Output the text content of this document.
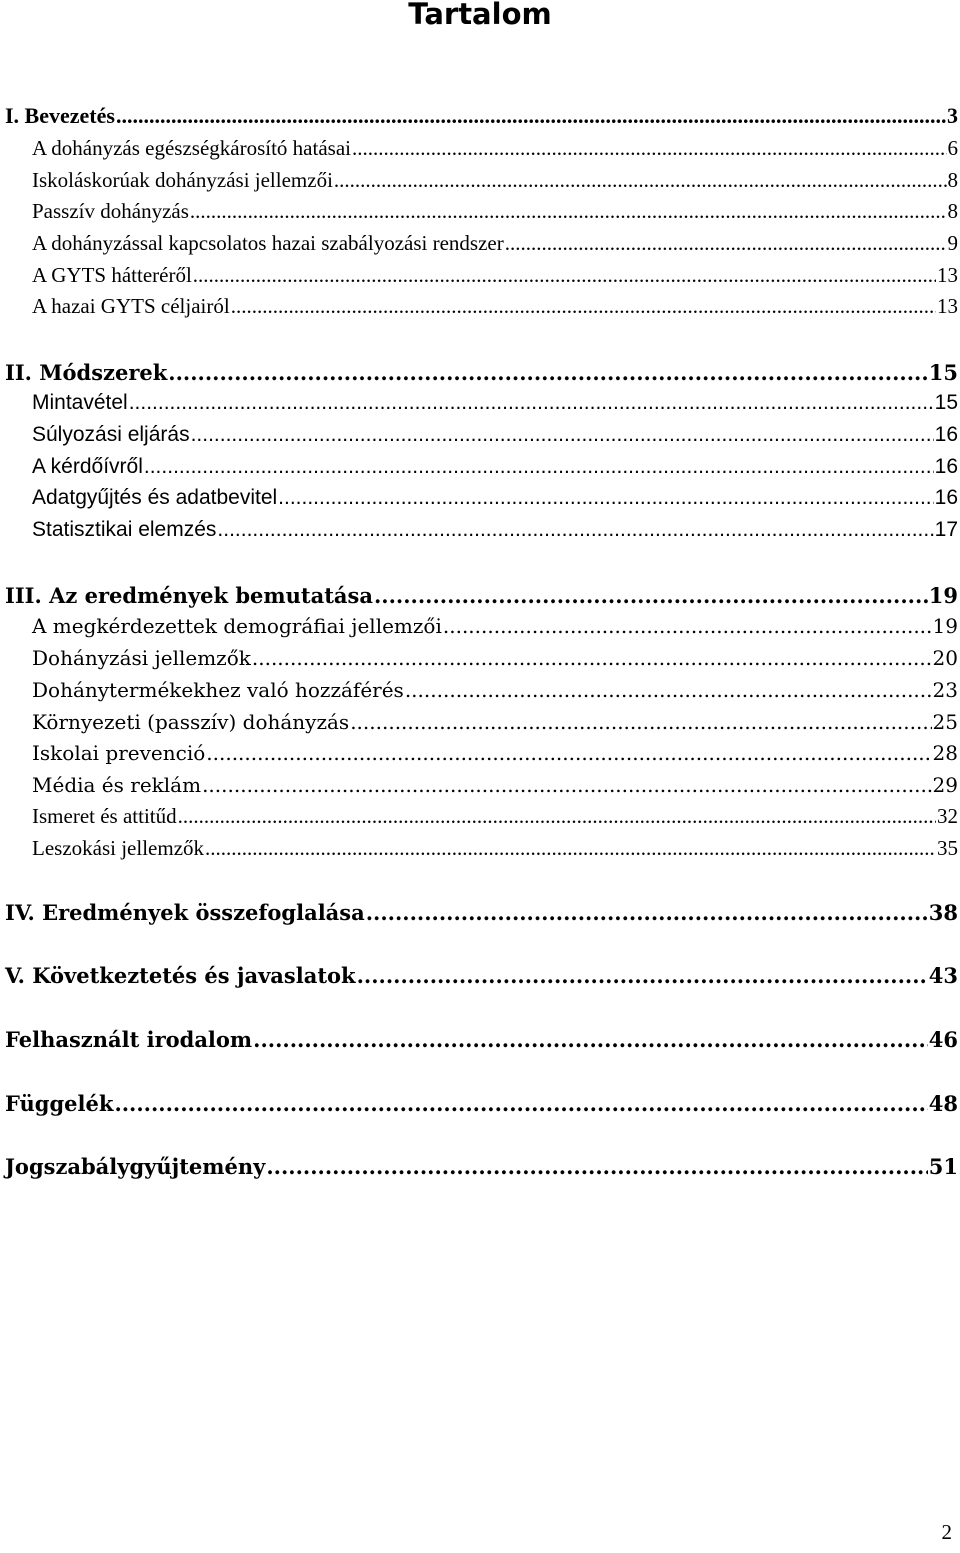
Tartalom
I. Bevezetés .....	3
A dohányzás egészségkárosító hatásai .....	6
Iskoláskorúak dohányzási jellemzői .....	8
Passzív dohányzás .....	8
A dohányzással kapcsolatos hazai szabályozási rendszer .....	9
A GYTS hátteréről .....	13
A hazai GYTS céljairól .....	13
II. Módszerek .....	15
Mintavétel .....	15
Súlyozási eljárás .....	16
A kérdőívről .....	16
Adatgyűjtés és adatbevitel .....	16
Statisztikai elemzés .....	17
III. Az eredmények bemutatása .....	19
A megkérdezettek demográfiai jellemzői .....	19
Dohányzási jellemzők .....	20
Dohánytermékekhez való hozzáférés .....	23
Környezeti (passzív) dohányzás .....	25
Iskolai prevenció .....	28
Média és reklám .....	29
Ismeret és attitűd .....	32
Leszokási jellemzők .....	35
IV. Eredmények összefoglalása .....	38
V. Következtetés és javaslatok .....	43
Felhasznált irodalom .....	46
Függelék .....	48
Jogszabálygyűjtemény .....	51
2
